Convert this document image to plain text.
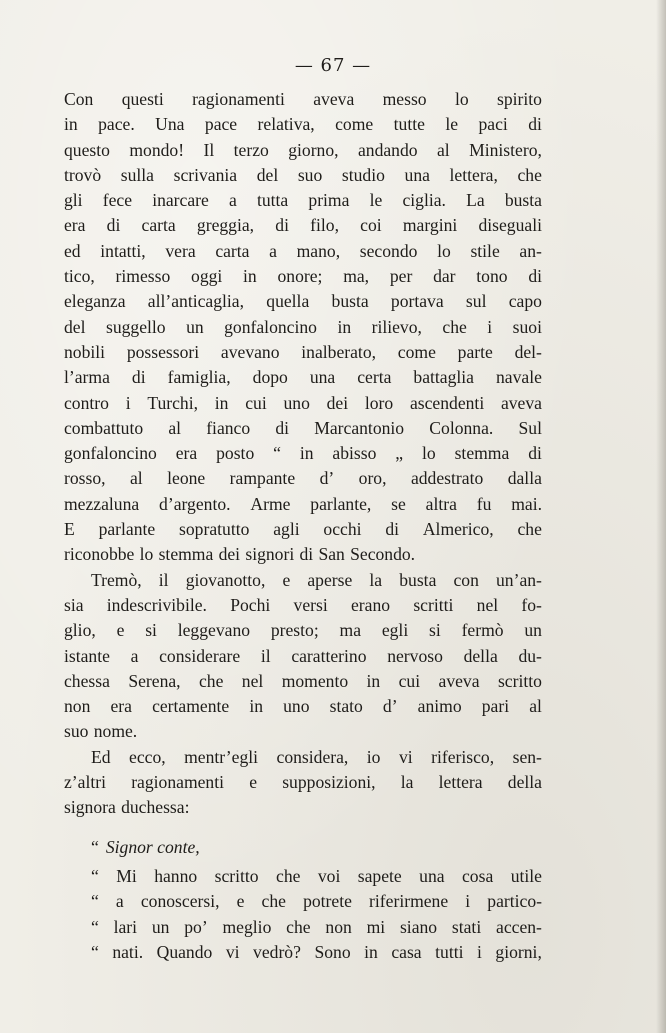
— 67 —
Con questi ragionamenti aveva messo lo spirito
in pace. Una pace relativa, come tutte le paci di
questo mondo! Il terzo giorno, andando al Ministero,
trovò sulla scrivania del suo studio una lettera, che
gli fece inarcare a tutta prima le ciglia. La busta
era di carta greggia, di filo, coi margini diseguali
ed intatti, vera carta a mano, secondo lo stile an-
tico, rimesso oggi in onore; ma, per dar tono di
eleganza all’anticaglia, quella busta portava sul capo
del suggello un gonfaloncino in rilievo, che i suoi
nobili possessori avevano inalberato, come parte del-
l’arma di famiglia, dopo una certa battaglia navale
contro i Turchi, in cui uno dei loro ascendenti aveva
combattuto al fianco di Marcantonio Colonna. Sul
gonfaloncino era posto “ in abisso „ lo stemma di
rosso, al leone rampante d’ oro, addestrato dalla
mezzaluna d’argento. Arme parlante, se altra fu mai.
E parlante sopratutto agli occhi di Almerico, che
riconobbe lo stemma dei signori di San Secondo.
Tremò, il giovanotto, e aperse la busta con un’an-
sia indescrivibile. Pochi versi erano scritti nel fo-
glio, e si leggevano presto; ma egli si fermò un
istante a considerare il caratterino nervoso della du-
chessa Serena, che nel momento in cui aveva scritto
non era certamente in uno stato d’ animo pari al
suo nome.
Ed ecco, mentr’egli considera, io vi riferisco, sen-
z’altri ragionamenti e supposizioni, la lettera della
signora duchessa:
“ Signor conte,
“ Mi hanno scritto che voi sapete una cosa utile
“ a conoscersi, e che potrete riferirmene i partico-
“ lari un po’ meglio che non mi siano stati accen-
“ nati. Quando vi vedrò? Sono in casa tutti i giorni,
